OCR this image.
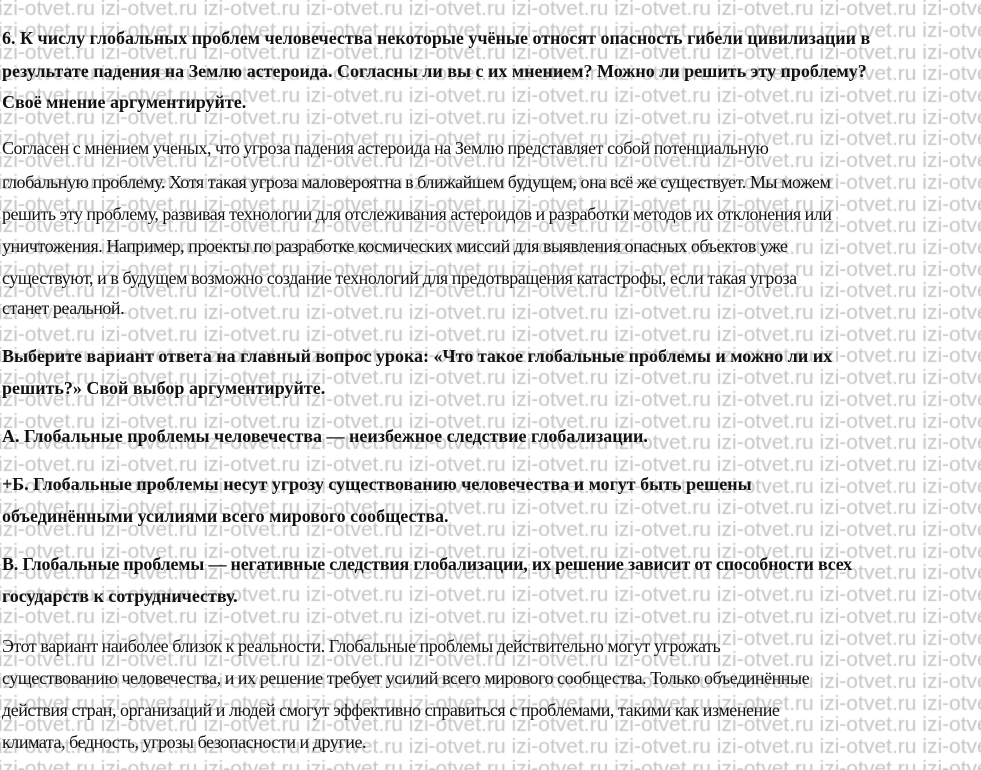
6. К числу глобальных проблем человечества некоторые учёные относят опасность гибели цивилизации в
результате падения на Землю астероида. Согласны ли вы с их мнением? Можно ли решить эту проблему?
Своё мнение аргументируйте.
Согласен с мнением ученых, что угроза падения астероида на Землю представляет собой потенциальную
глобальную проблему. Хотя такая угроза маловероятна в ближайшем будущем, она всё же существует. Мы можем
решить эту проблему, развивая технологии для отслеживания астероидов и разработки методов их отклонения или
уничтожения. Например, проекты по разработке космических миссий для выявления опасных объектов уже
существуют, и в будущем возможно создание технологий для предотвращения катастрофы, если такая угроза
станет реальной.
Выберите вариант ответа на главный вопрос урока: «Что такое глобальные проблемы и можно ли их
решить?» Свой выбор аргументируйте.
А. Глобальные проблемы человечества — неизбежное следствие глобализации.
+Б. Глобальные проблемы несут угрозу существованию человечества и могут быть решены
объединёнными усилиями всего мирового сообщества.
В. Глобальные проблемы — негативные следствия глобализации, их решение зависит от способности всех
государств к сотрудничеству.
Этот вариант наиболее близок к реальности. Глобальные проблемы действительно могут угрожать
существованию человечества, и их решение требует усилий всего мирового сообщества. Только объединённые
действия стран, организаций и людей смогут эффективно справиться с проблемами, такими как изменение
климата, бедность, угрозы безопасности и другие.
